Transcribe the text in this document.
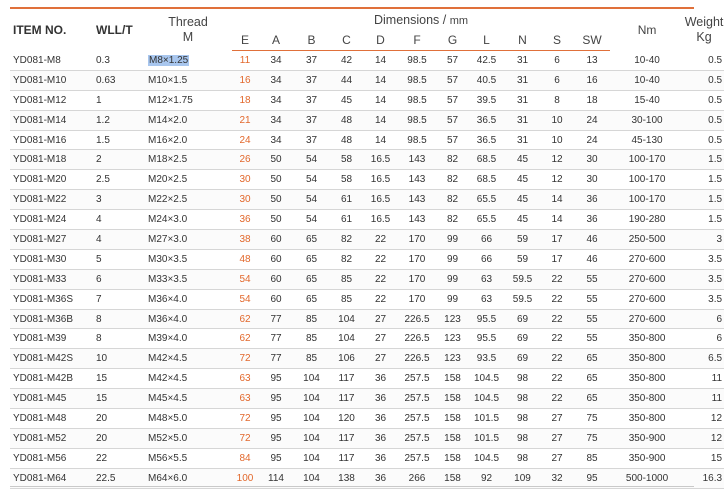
ITEM NO.	WLL/T	Thread
M	Dimensions / mm											Nm	Weight
Kg
			E	A	B	C	D	F	G	L	N	S	SW		
YD081-M8	0.3	M8×1.25	11	34	37	42	14	98.5	57	42.5	31	6	13	10-40	0.5
YD081-M10	0.63	M10×1.5	16	34	37	44	14	98.5	57	40.5	31	6	16	10-40	0.5
YD081-M12	1	M12×1.75	18	34	37	45	14	98.5	57	39.5	31	8	18	15-40	0.5
YD081-M14	1.2	M14×2.0	21	34	37	48	14	98.5	57	36.5	31	10	24	30-100	0.5
YD081-M16	1.5	M16×2.0	24	34	37	48	14	98.5	57	36.5	31	10	24	45-130	0.5
YD081-M18	2	M18×2.5	26	50	54	58	16.5	143	82	68.5	45	12	30	100-170	1.5
YD081-M20	2.5	M20×2.5	30	50	54	58	16.5	143	82	68.5	45	12	30	100-170	1.5
YD081-M22	3	M22×2.5	30	50	54	61	16.5	143	82	65.5	45	14	36	100-170	1.5
YD081-M24	4	M24×3.0	36	50	54	61	16.5	143	82	65.5	45	14	36	190-280	1.5
YD081-M27	4	M27×3.0	38	60	65	82	22	170	99	66	59	17	46	250-500	3
YD081-M30	5	M30×3.5	48	60	65	82	22	170	99	66	59	17	46	270-600	3.5
YD081-M33	6	M33×3.5	54	60	65	85	22	170	99	63	59.5	22	55	270-600	3.5
YD081-M36S	7	M36×4.0	54	60	65	85	22	170	99	63	59.5	22	55	270-600	3.5
YD081-M36B	8	M36×4.0	62	77	85	104	27	226.5	123	95.5	69	22	55	270-600	6
YD081-M39	8	M39×4.0	62	77	85	104	27	226.5	123	95.5	69	22	55	350-800	6
YD081-M42S	10	M42×4.5	72	77	85	106	27	226.5	123	93.5	69	22	65	350-800	6.5
YD081-M42B	15	M42×4.5	63	95	104	117	36	257.5	158	104.5	98	22	65	350-800	11
YD081-M45	15	M45×4.5	63	95	104	117	36	257.5	158	104.5	98	22	65	350-800	11
YD081-M48	20	M48×5.0	72	95	104	120	36	257.5	158	101.5	98	27	75	350-800	12
YD081-M52	20	M52×5.0	72	95	104	117	36	257.5	158	101.5	98	27	75	350-900	12
YD081-M56	22	M56×5.5	84	95	104	117	36	257.5	158	104.5	98	27	85	350-900	15
YD081-M64	22.5	M64×6.0	100	114	104	138	36	266	158	92	109	32	95	500-1000	16.3
